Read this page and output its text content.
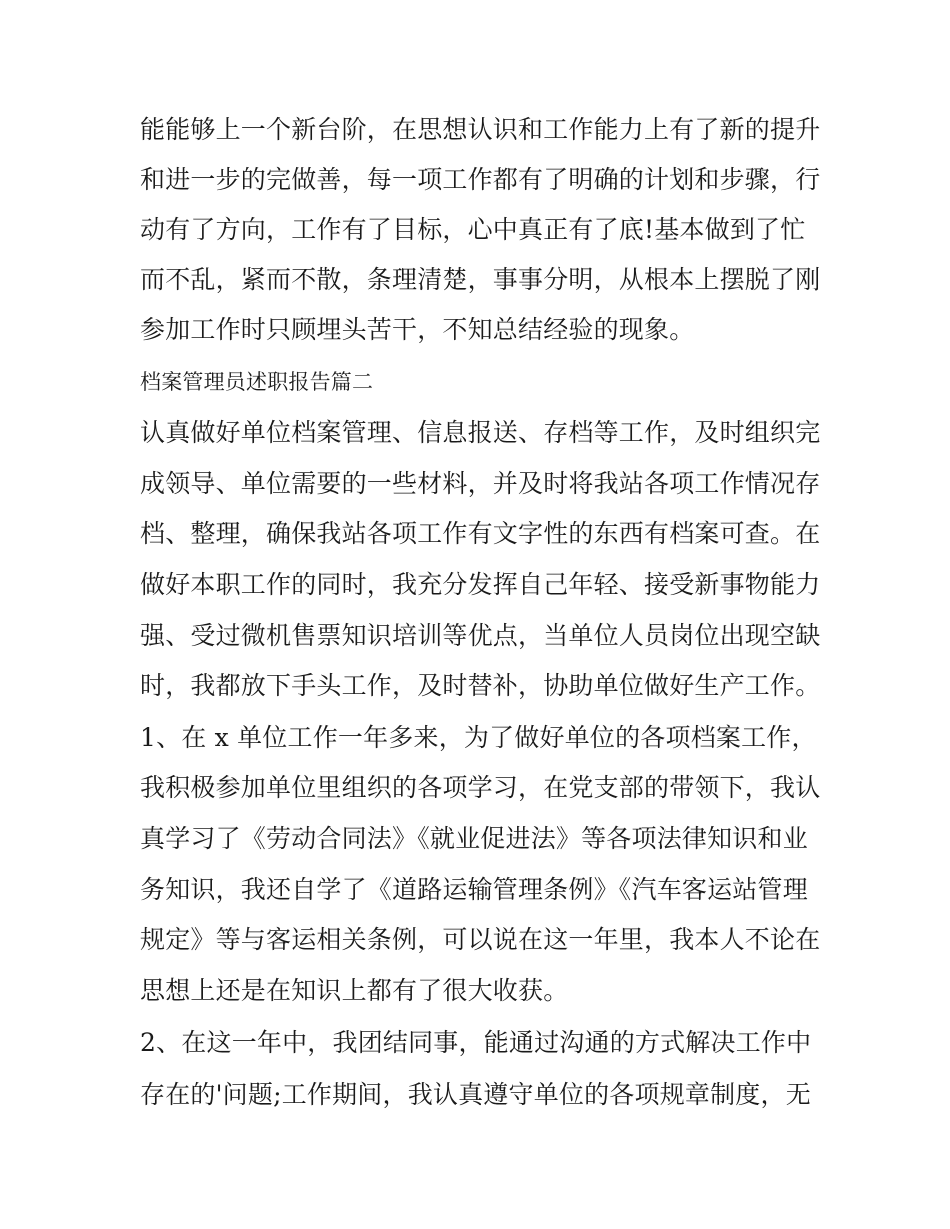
能能够上一个新台阶，在思想认识和工作能力上有了新的提升
和进一步的完做善，每一项工作都有了明确的计划和步骤，行
动有了方向，工作有了目标，心中真正有了底!基本做到了忙
而不乱，紧而不散，条理清楚，事事分明，从根本上摆脱了刚
参加工作时只顾埋头苦干，不知总结经验的现象。
档案管理员述职报告篇二
认真做好单位档案管理、信息报送、存档等工作，及时组织完
成领导、单位需要的一些材料，并及时将我站各项工作情况存
档、整理，确保我站各项工作有文字性的东西有档案可查。在
做好本职工作的同时，我充分发挥自己年轻、接受新事物能力
强、受过微机售票知识培训等优点，当单位人员岗位出现空缺
时，我都放下手头工作，及时替补，协助单位做好生产工作。
1、在 x 单位工作一年多来，为了做好单位的各项档案工作，
我积极参加单位里组织的各项学习，在党支部的带领下，我认
真学习了《劳动合同法》《就业促进法》等各项法律知识和业
务知识，我还自学了《道路运输管理条例》《汽车客运站管理
规定》等与客运相关条例，可以说在这一年里，我本人不论在
思想上还是在知识上都有了很大收获。
2、在这一年中，我团结同事，能通过沟通的方式解决工作中
存在的'问题;工作期间，我认真遵守单位的各项规章制度，无
